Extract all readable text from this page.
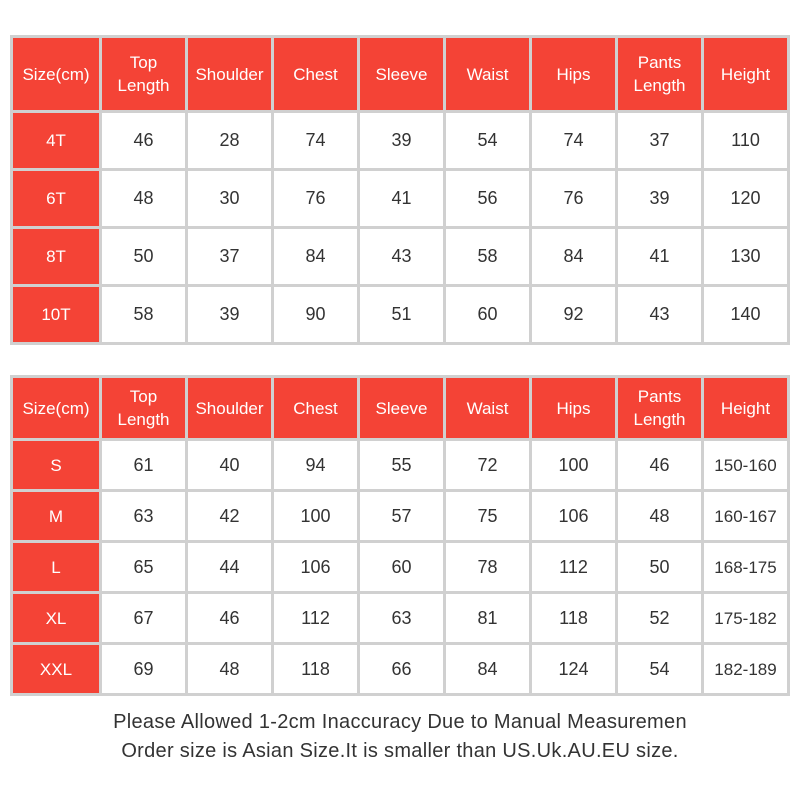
Size(cm)	Top Length	Shoulder	Chest	Sleeve	Waist	Hips	Pants Length	Height
4T	46	28	74	39	54	74	37	110
6T	48	30	76	41	56	76	39	120
8T	50	37	84	43	58	84	41	130
10T	58	39	90	51	60	92	43	140
Size(cm)	Top Length	Shoulder	Chest	Sleeve	Waist	Hips	Pants Length	Height
S	61	40	94	55	72	100	46	150-160
M	63	42	100	57	75	106	48	160-167
L	65	44	106	60	78	112	50	168-175
XL	67	46	112	63	81	118	52	175-182
XXL	69	48	118	66	84	124	54	182-189
Please Allowed 1-2cm Inaccuracy Due to Manual Measuremen
Order size is Asian Size.It is smaller than US.Uk.AU.EU size.
